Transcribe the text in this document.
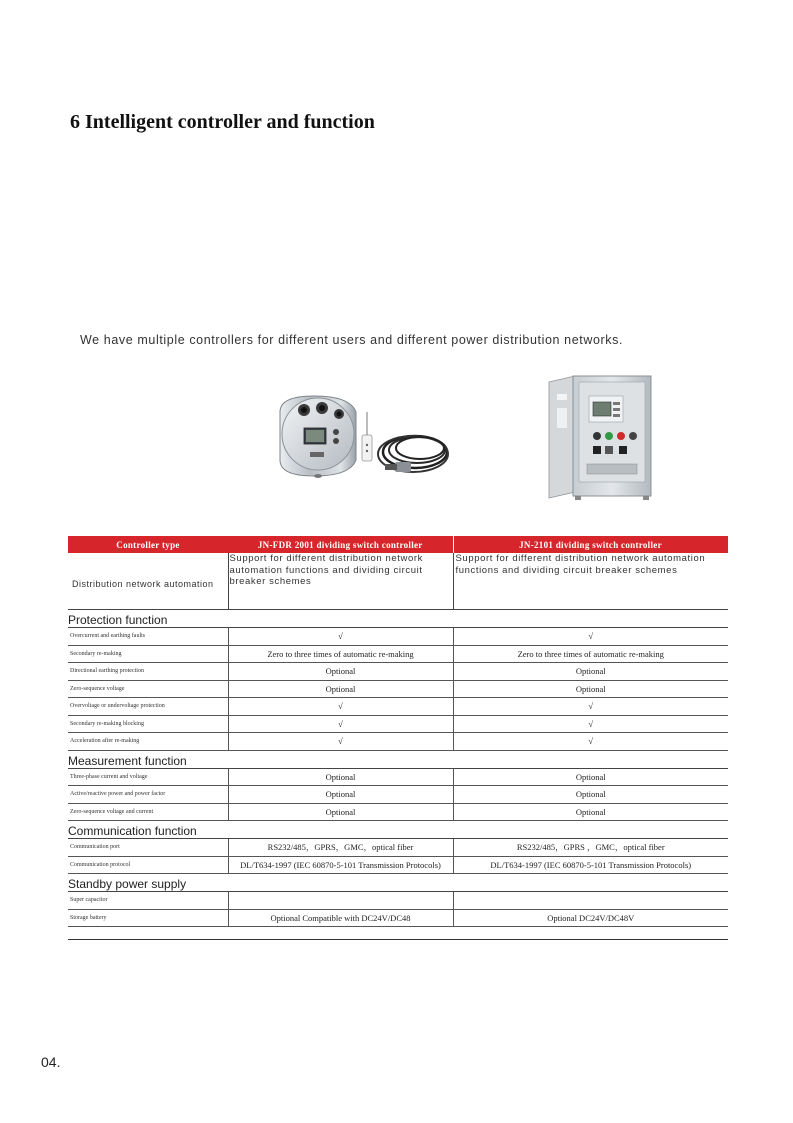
6 Intelligent controller and function

We have multiple controllers for different users and different power distribution networks.

Controller type	JN-FDR 2001 dividing switch controller	JN-2101 dividing switch controller
Distribution network automation	Support for different distribution network automation functions and dividing circuit breaker schemes	Support for different distribution network automation functions and dividing circuit breaker schemes
Protection function		
Overcurrent and earthing faults	√	√
Secondary re-making	Zero to three times of automatic re-making	Zero to three times of automatic re-making
Directional earthing protection	Optional	Optional
Zero-sequence voltage	Optional	Optional
Overvoltage or undervoltage protection	√	√
Secondary re-making blocking	√	√
Acceleration after re-making	√	√
Measurement function		
Three-phase current and voltage	Optional	Optional
Active/reactive power and power factor	Optional	Optional
Zero-sequence voltage and current	Optional	Optional
Communication function		
Communication port	RS232/485，GPRS，GMC，optical fiber	RS232/485，GPRS ，GMC，optical fiber
Communication protocol	DL/T634-1997 (IEC 60870-5-101 Transmission Protocols)	DL/T634-1997 (IEC 60870-5-101 Transmission Protocols)
Standby power supply		
Super capacitor		
Storage battery	Optional Compatible with DC24V/DC48	Optional DC24V/DC48V
04.
